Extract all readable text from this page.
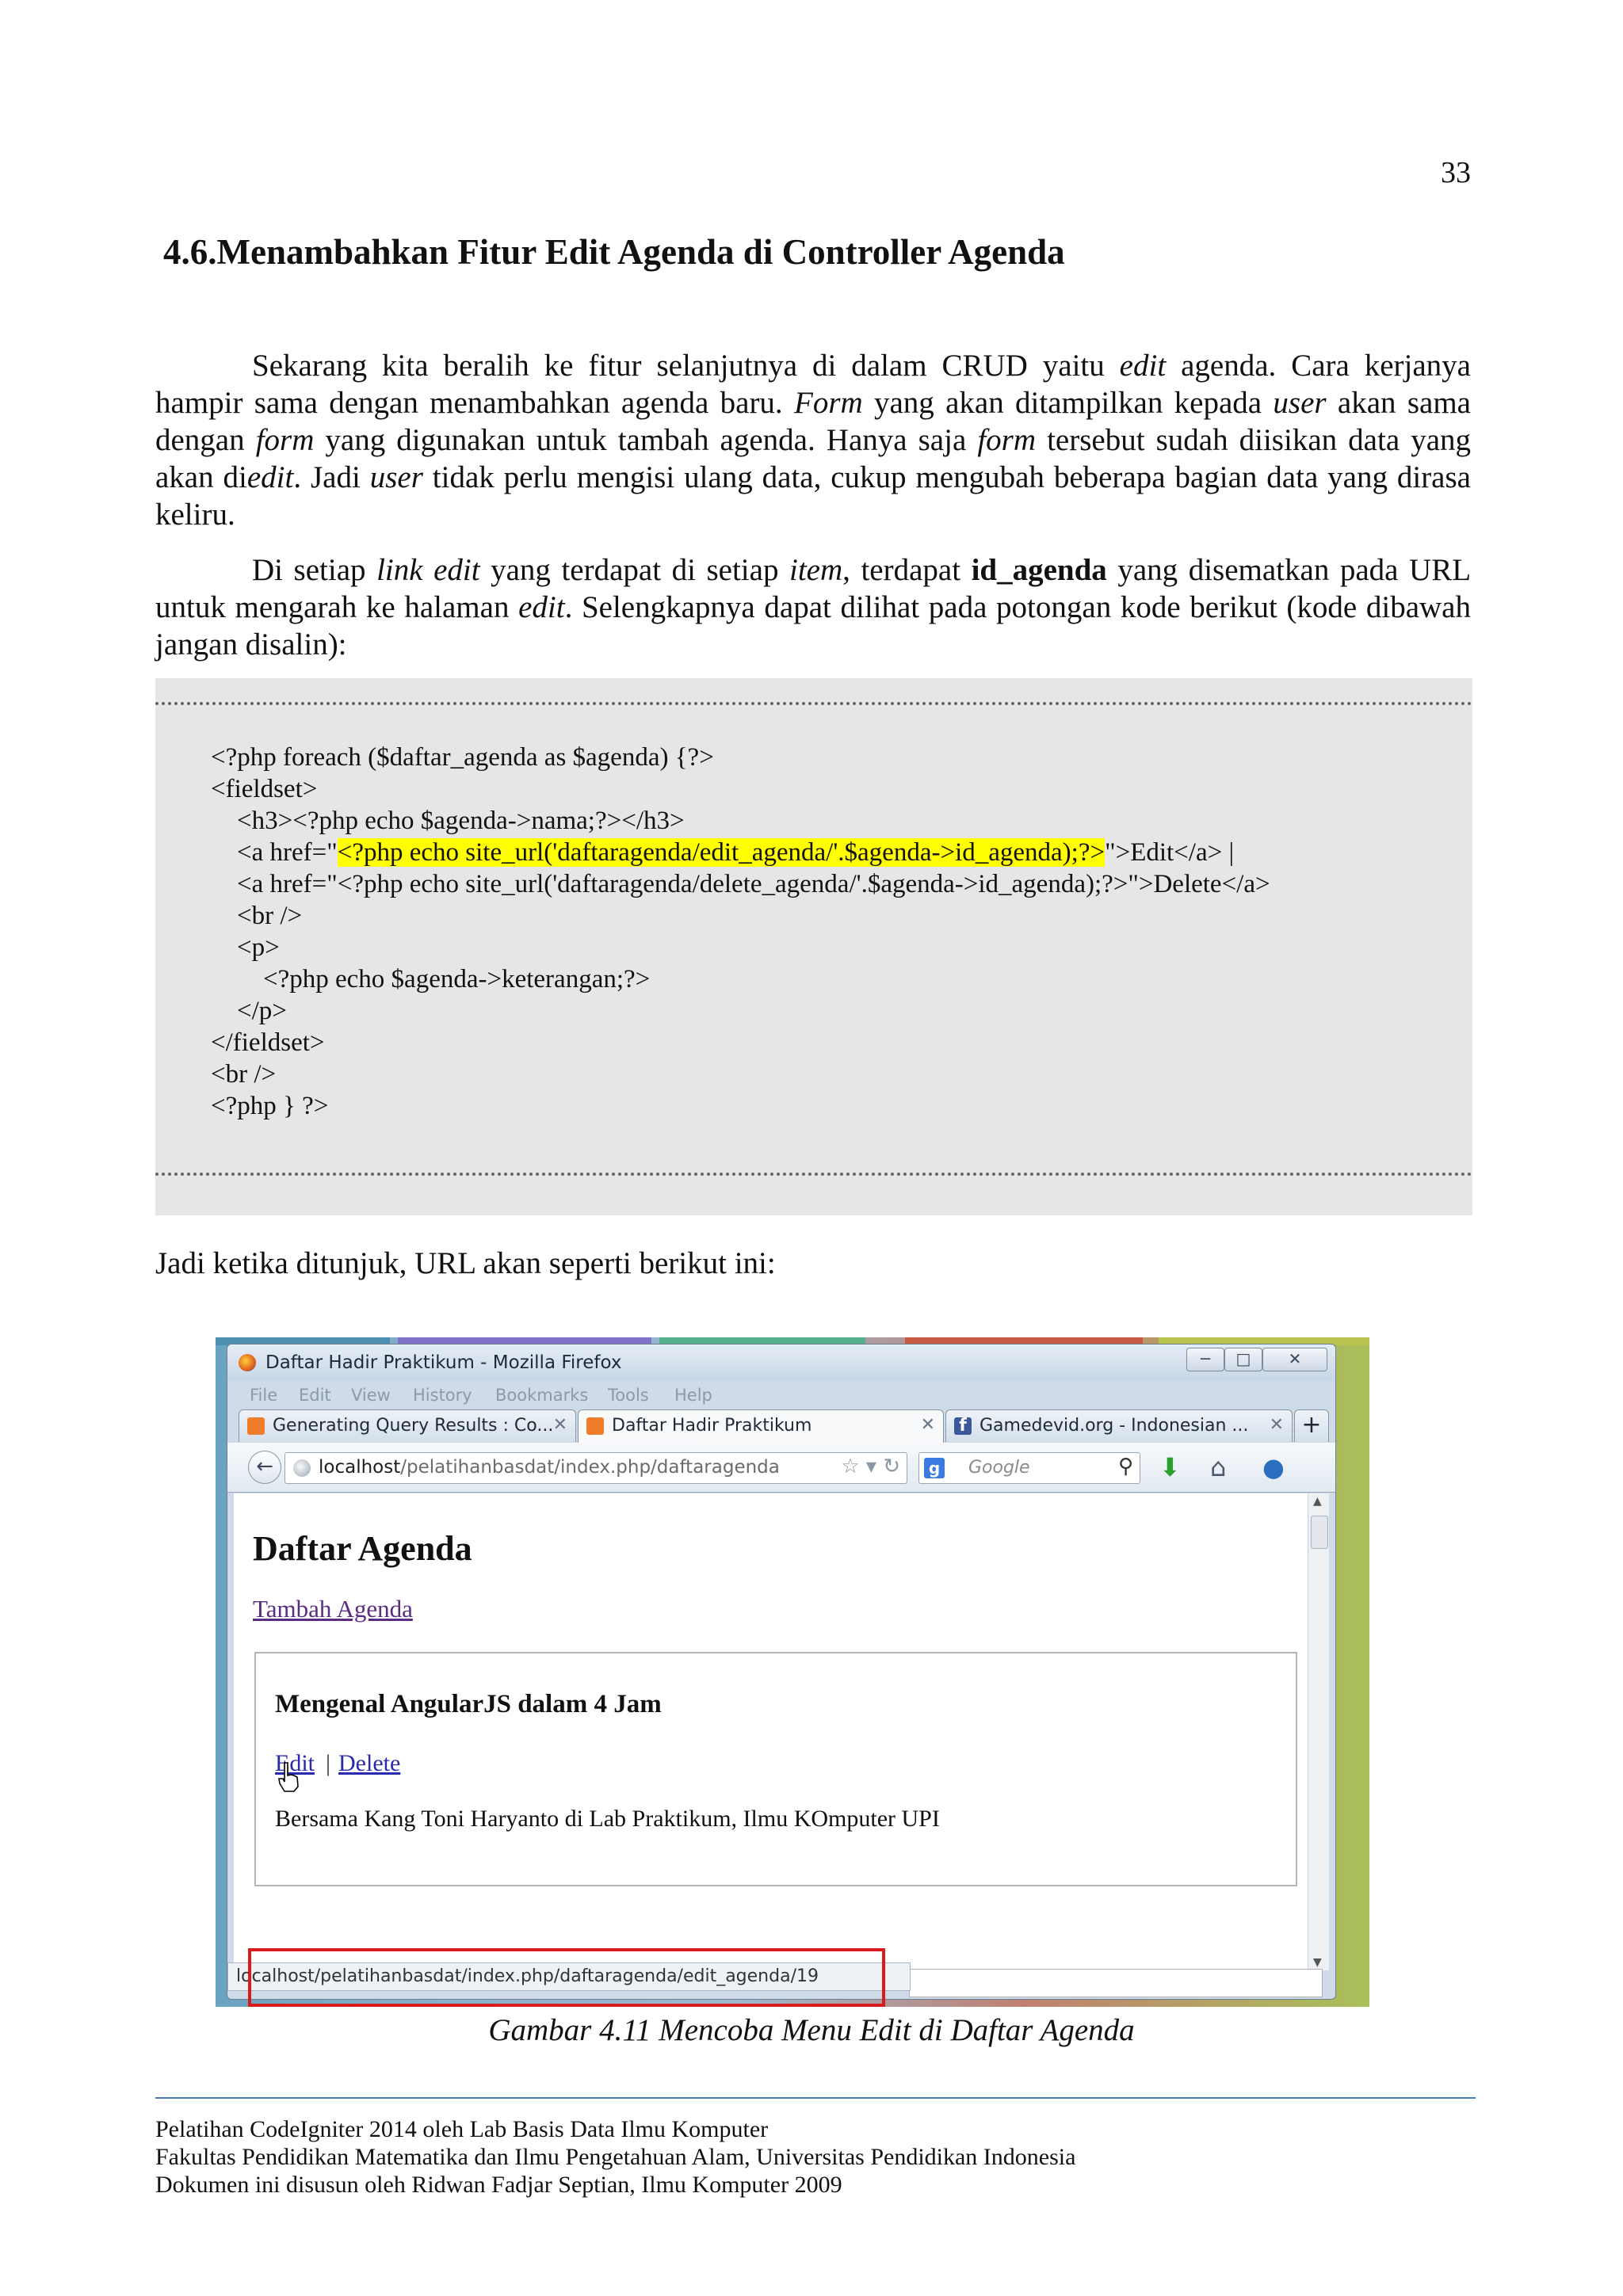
33
4.6.Menambahkan Fitur Edit Agenda di Controller Agenda
Sekarang kita beralih ke fitur selanjutnya di dalam CRUD yaitu edit agenda. Cara kerjanya hampir sama dengan menambahkan agenda baru. Form yang akan ditampilkan kepada user akan sama dengan form yang digunakan untuk tambah agenda. Hanya saja form tersebut sudah diisikan data yang akan diedit. Jadi user tidak perlu mengisi ulang data, cukup mengubah beberapa bagian data yang dirasa keliru.
Di setiap link edit yang terdapat di setiap item, terdapat id_agenda yang disematkan pada URL untuk mengarah ke halaman edit. Selengkapnya dapat dilihat pada potongan kode berikut (kode dibawah jangan disalin):
<?php foreach ($daftar_agenda as $agenda) {?>
<fieldset>
<h3><?php echo $agenda->nama;?></h3>
<a href="<?php echo site_url('daftaragenda/edit_agenda/'.$agenda->id_agenda);?>">Edit</a> |
<a href="<?php echo site_url('daftaragenda/delete_agenda/'.$agenda->id_agenda);?>">Delete</a>
<br />
<p>
<?php echo $agenda->keterangan;?>
</p>
</fieldset>
<br />
<?php } ?>
Jadi ketika ditunjuk, URL akan seperti berikut ini:
Daftar Hadir Praktikum - Mozilla Firefox	─	□	✕
File Edit View History Bookmarks Tools Help
Generating Query Results : Co... ✕	Daftar Hadir Praktikum	✕ f Gamedevid.org - Indonesian ... ✕ +
←	localhost/pelatihanbasdat/index.php/daftaragenda	☆ ▾ ↻ g Google	⚲ ⬇ ⌂ ●
Daftar Agenda
Tambah Agenda
Mengenal AngularJS dalam 4 Jam
Edit | Delete
Bersama Kang Toni Haryanto di Lab Praktikum, Ilmu KOmputer UPI
▲
▼
localhost/pelatihanbasdat/index.php/daftaragenda/edit_agenda/19
Gambar 4.11 Mencoba Menu Edit di Daftar Agenda
Pelatihan CodeIgniter 2014 oleh Lab Basis Data Ilmu Komputer
Fakultas Pendidikan Matematika dan Ilmu Pengetahuan Alam, Universitas Pendidikan Indonesia
Dokumen ini disusun oleh Ridwan Fadjar Septian, Ilmu Komputer 2009
